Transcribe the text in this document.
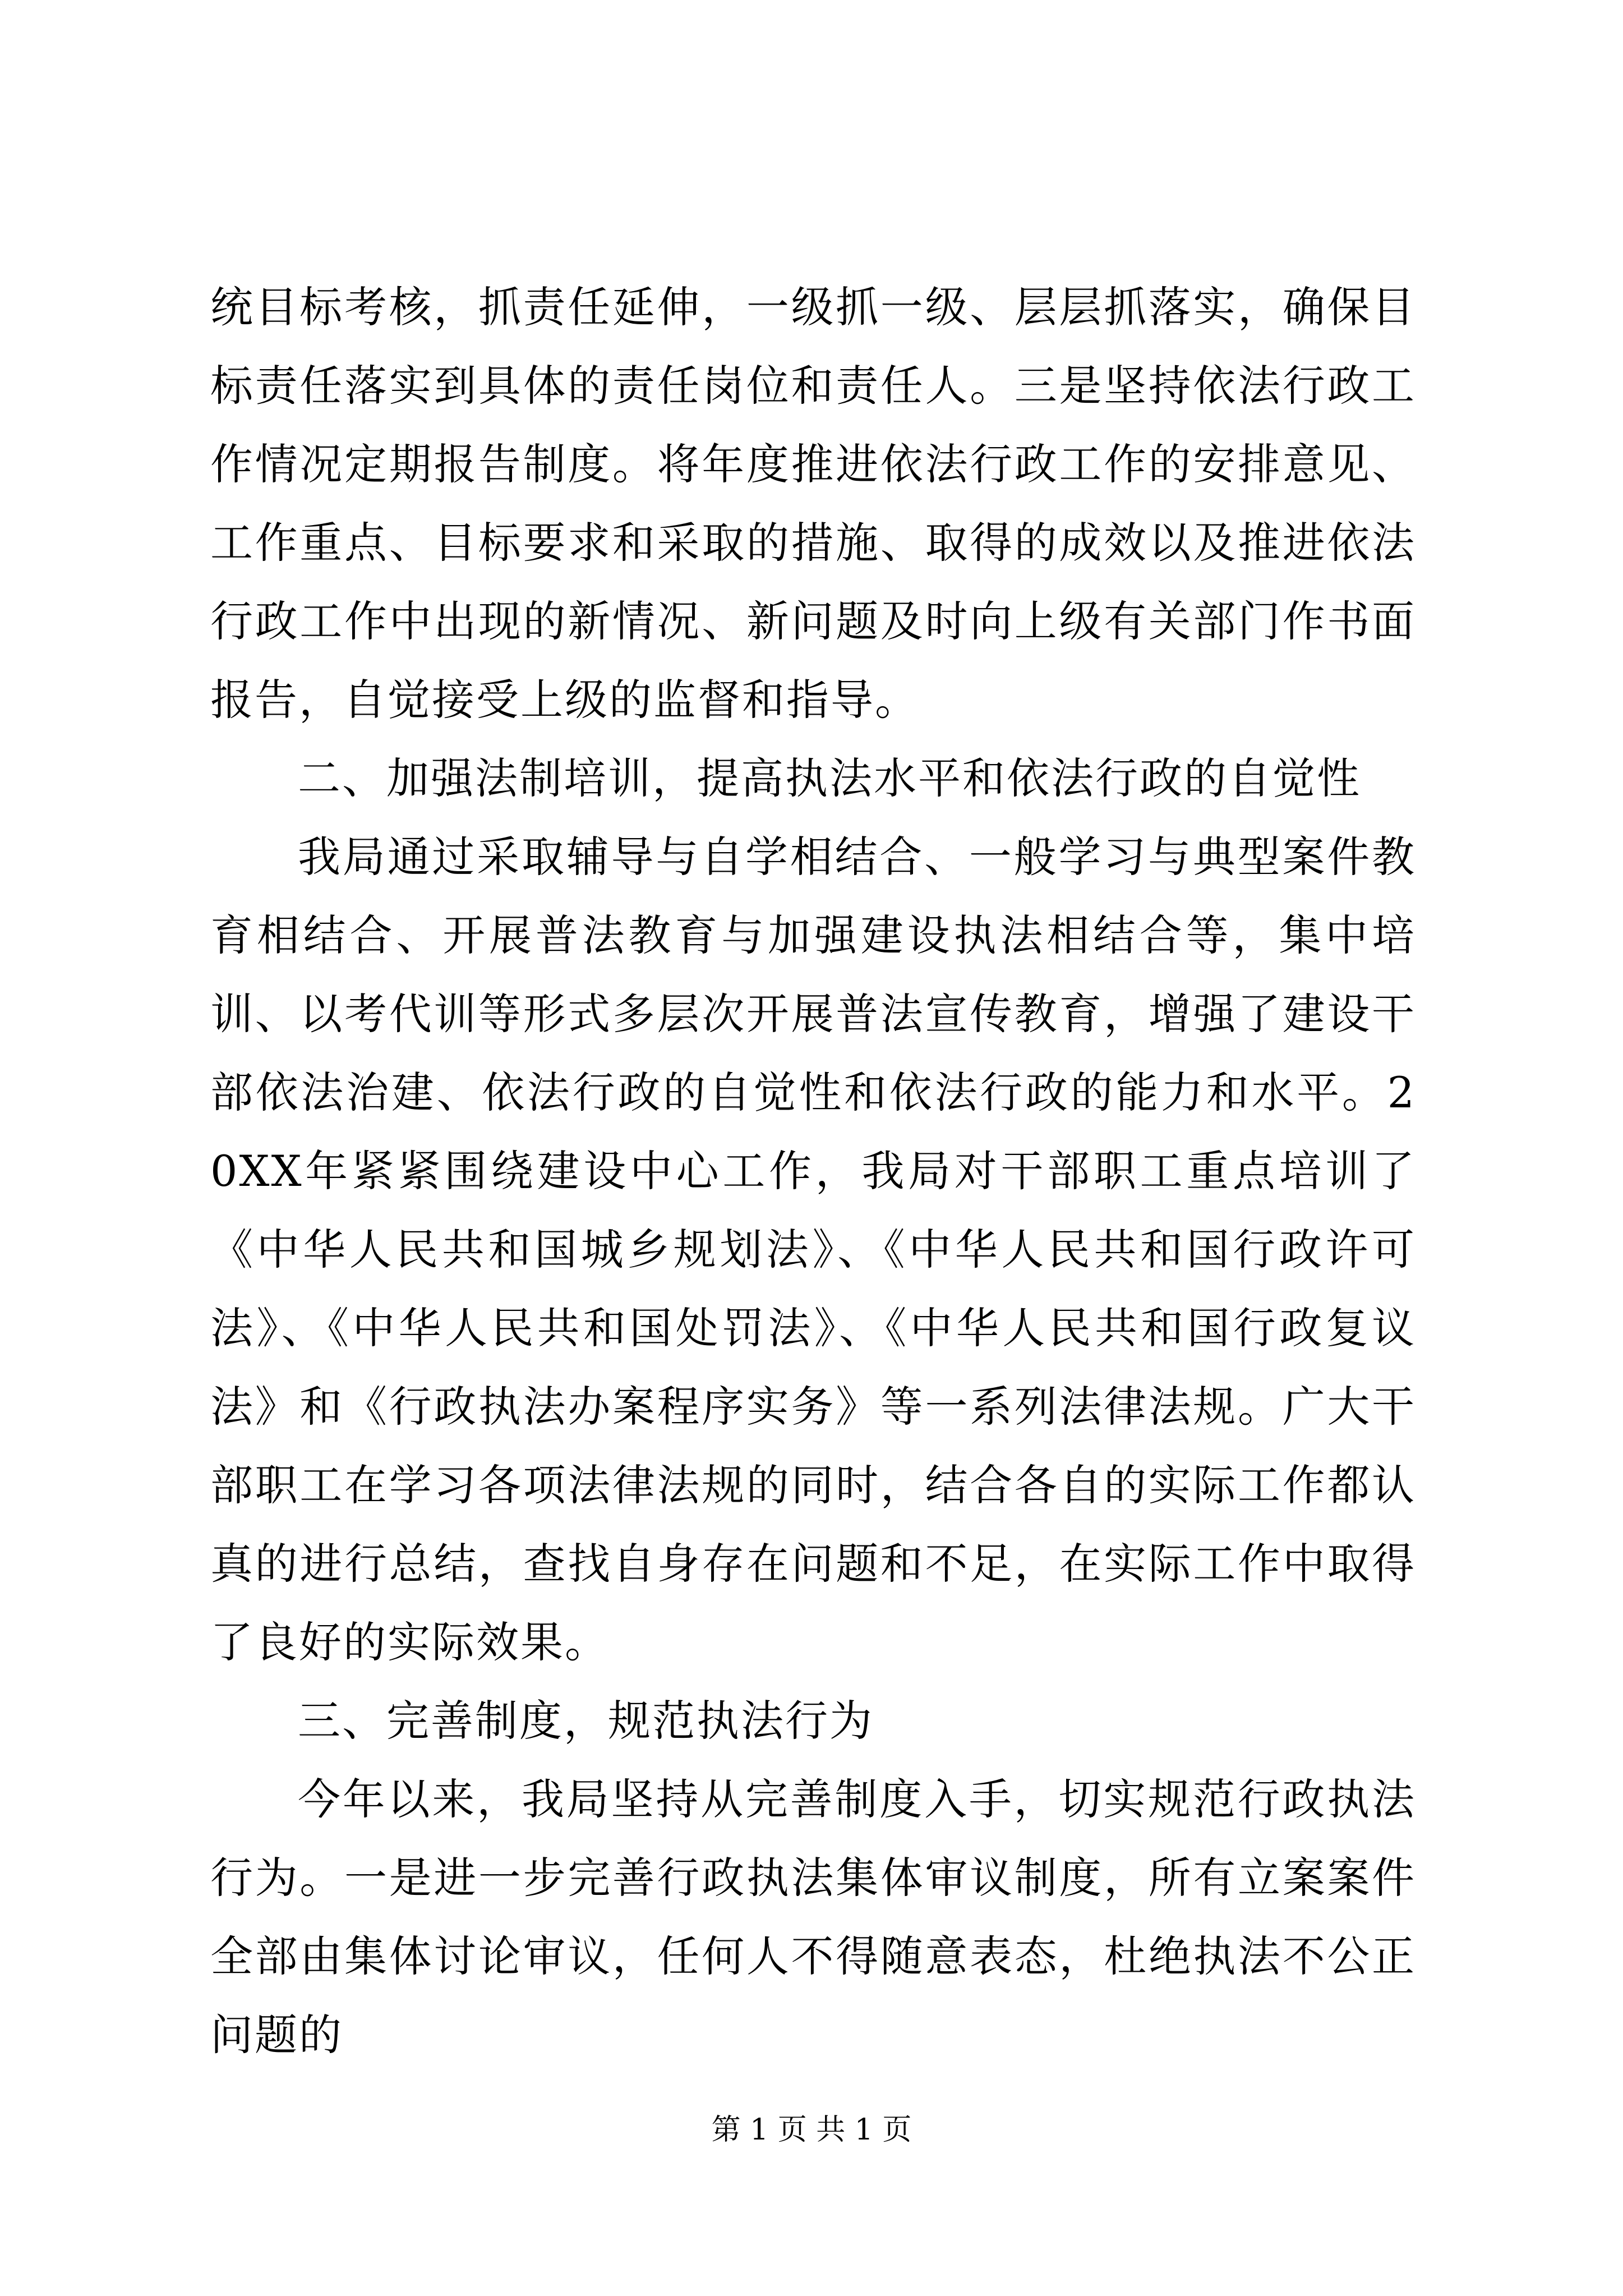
统目标考核，抓责任延伸，一级抓一级、层层抓落实，确保目标责任落实到具体的责任岗位和责任人。三是坚持依法行政工作情况定期报告制度。将年度推进依法行政工作的安排意见、工作重点、目标要求和采取的措施、取得的成效以及推进依法行政工作中出现的新情况、新问题及时向上级有关部门作书面报告，自觉接受上级的监督和指导。

二、加强法制培训，提高执法水平和依法行政的自觉性

我局通过采取辅导与自学相结合、一般学习与典型案件教育相结合、开展普法教育与加强建设执法相结合等，集中培训、以考代训等形式多层次开展普法宣传教育，增强了建设干部依法治建、依法行政的自觉性和依法行政的能力和水平。20XX年紧紧围绕建设中心工作，我局对干部职工重点培训了《中华人民共和国城乡规划法》、《中华人民共和国行政许可法》、《中华人民共和国处罚法》、《中华人民共和国行政复议法》和《行政执法办案程序实务》等一系列法律法规。广大干部职工在学习各项法律法规的同时，结合各自的实际工作都认真的进行总结，查找自身存在问题和不足，在实际工作中取得了良好的实际效果。

三、完善制度，规范执法行为

今年以来，我局坚持从完善制度入手，切实规范行政执法行为。一是进一步完善行政执法集体审议制度，所有立案案件全部由集体讨论审议，任何人不得随意表态，杜绝执法不公正问题的

第 1 页 共 1 页
